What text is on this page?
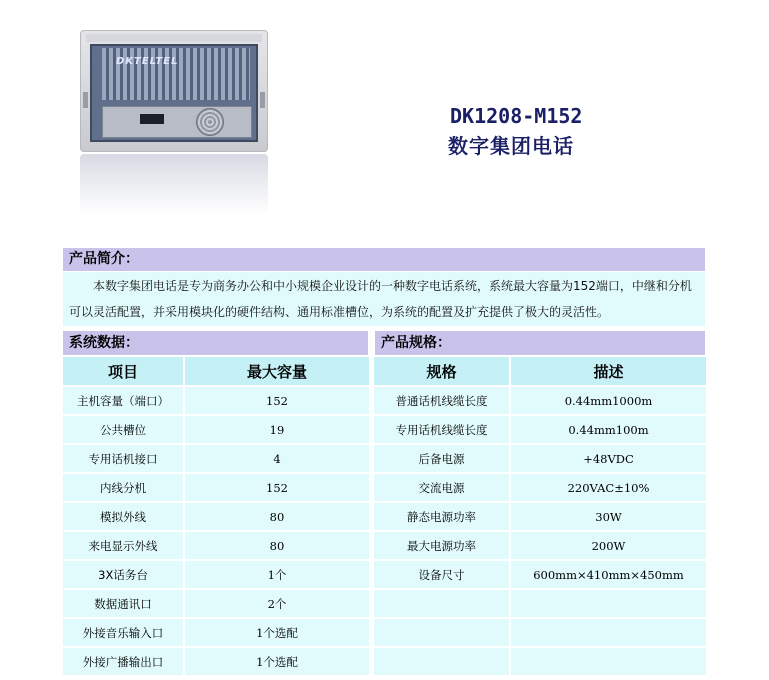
DKTELTEL
DK1208-M152
数字集团电话
产品简介：
本数字集团电话是专为商务办公和中小规模企业设计的一种数字电话系统，系统最大容量为152端口，中继和分机可以灵活配置，并采用模块化的硬件结构、通用标准槽位，为系统的配置及扩充提供了极大的灵活性。
系统数据：	产品规格：
项目	最大容量
主机容量（端口）	152
公共槽位	19
专用话机接口	4
内线分机	152
模拟外线	80
来电显示外线	80
3X话务台	1个
数据通讯口	2个
外接音乐输入口	1个选配
外接广播输出口	1个选配
规格	描述
普通话机线缆长度	0.44mm1000m
专用话机线缆长度	0.44mm100m
后备电源	+48VDC
交流电源	220VAC±10%
静态电源功率	30W
最大电源功率	200W
设备尺寸	600mm×410mm×450mm
